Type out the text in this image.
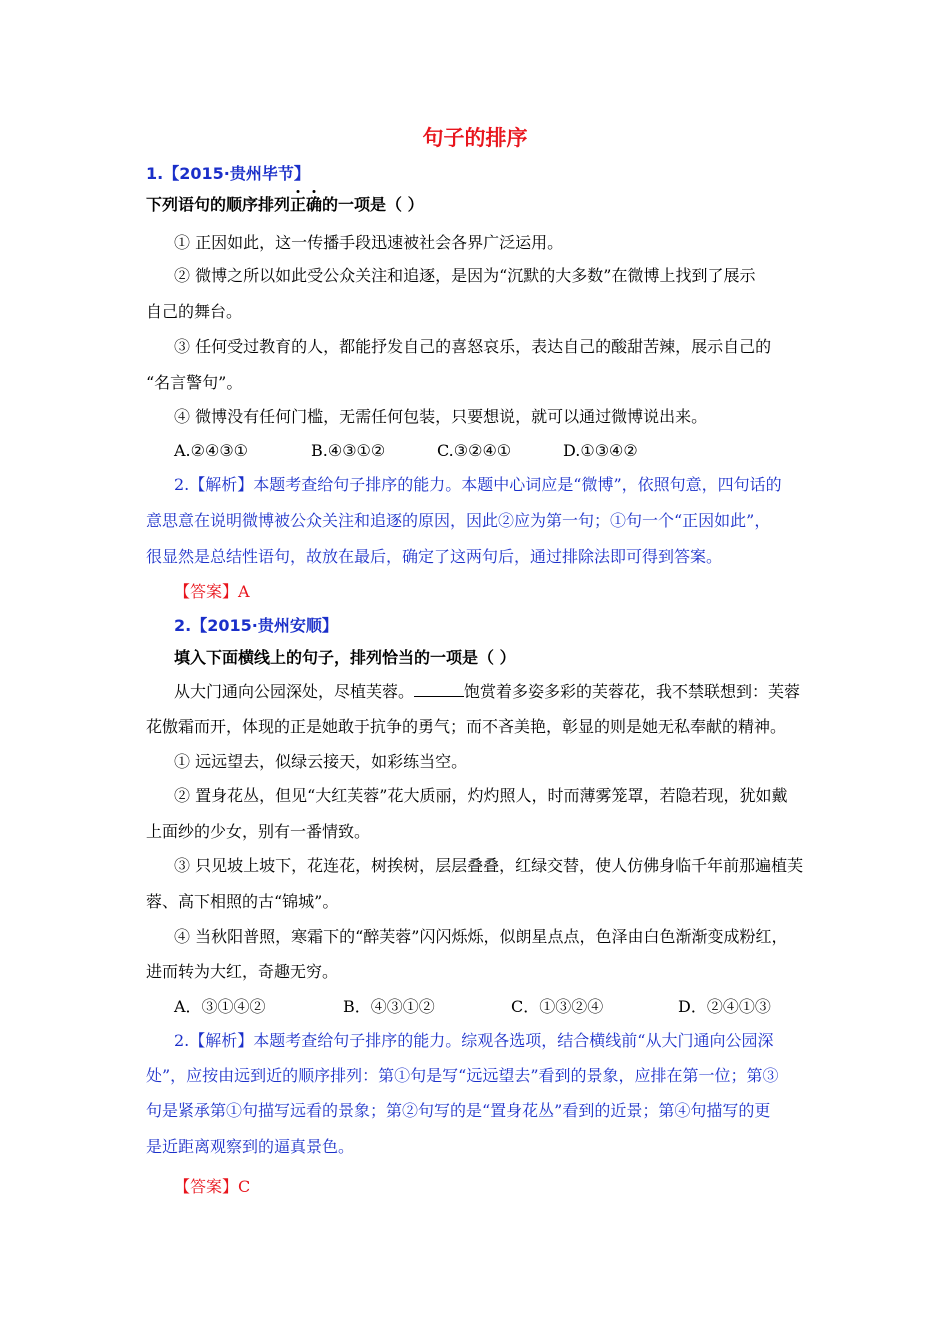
句子的排序
1.【2015·贵州毕节】
下列语句的顺序排列正确的一项是（ ）
① 正因如此，这一传播手段迅速被社会各界广泛运用。
② 微博之所以如此受公众关注和追逐，是因为“沉默的大多数”在微博上找到了展示
自己的舞台。
③ 任何受过教育的人，都能抒发自己的喜怒哀乐，表达自己的酸甜苦辣，展示自己的
“名言警句”。
④ 微博没有任何门槛，无需任何包装，只要想说，就可以通过微博说出来。
A.②④③①	B.④③①②	C.③②④①	D.①③④②
2.【解析】本题考查给句子排序的能力。本题中心词应是“微博”，依照句意，四句话的
意思意在说明微博被公众关注和追逐的原因，因此②应为第一句；①句一个“正因如此”，
很显然是总结性语句，故放在最后，确定了这两句后，通过排除法即可得到答案。
【答案】A
2.【2015·贵州安顺】
填入下面横线上的句子，排列恰当的一项是（ ）
从大门通向公园深处，尽植芙蓉。	饱赏着多姿多彩的芙蓉花，我不禁联想到：芙蓉
花傲霜而开，体现的正是她敢于抗争的勇气；而不吝美艳，彰显的则是她无私奉献的精神。
① 远远望去，似绿云接天，如彩练当空。
② 置身花丛，但见“大红芙蓉”花大质丽，灼灼照人，时而薄雾笼罩，若隐若现，犹如戴
上面纱的少女，别有一番情致。
③ 只见坡上坡下，花连花，树挨树，层层叠叠，红绿交替，使人仿佛身临千年前那遍植芙
蓉、高下相照的古“锦城”。
④ 当秋阳普照，寒霜下的“醉芙蓉”闪闪烁烁，似朗星点点，色泽由白色渐渐变成粉红，
进而转为大红，奇趣无穷。
A．③①④②	B．④③①②	C．①③②④	D．②④①③
2.【解析】本题考查给句子排序的能力。综观各选项，结合横线前“从大门通向公园深
处”，应按由远到近的顺序排列：第①句是写“远远望去”看到的景象，应排在第一位；第③
句是紧承第①句描写远看的景象；第②句写的是“置身花丛”看到的近景；第④句描写的更
是近距离观察到的逼真景色。
【答案】C
